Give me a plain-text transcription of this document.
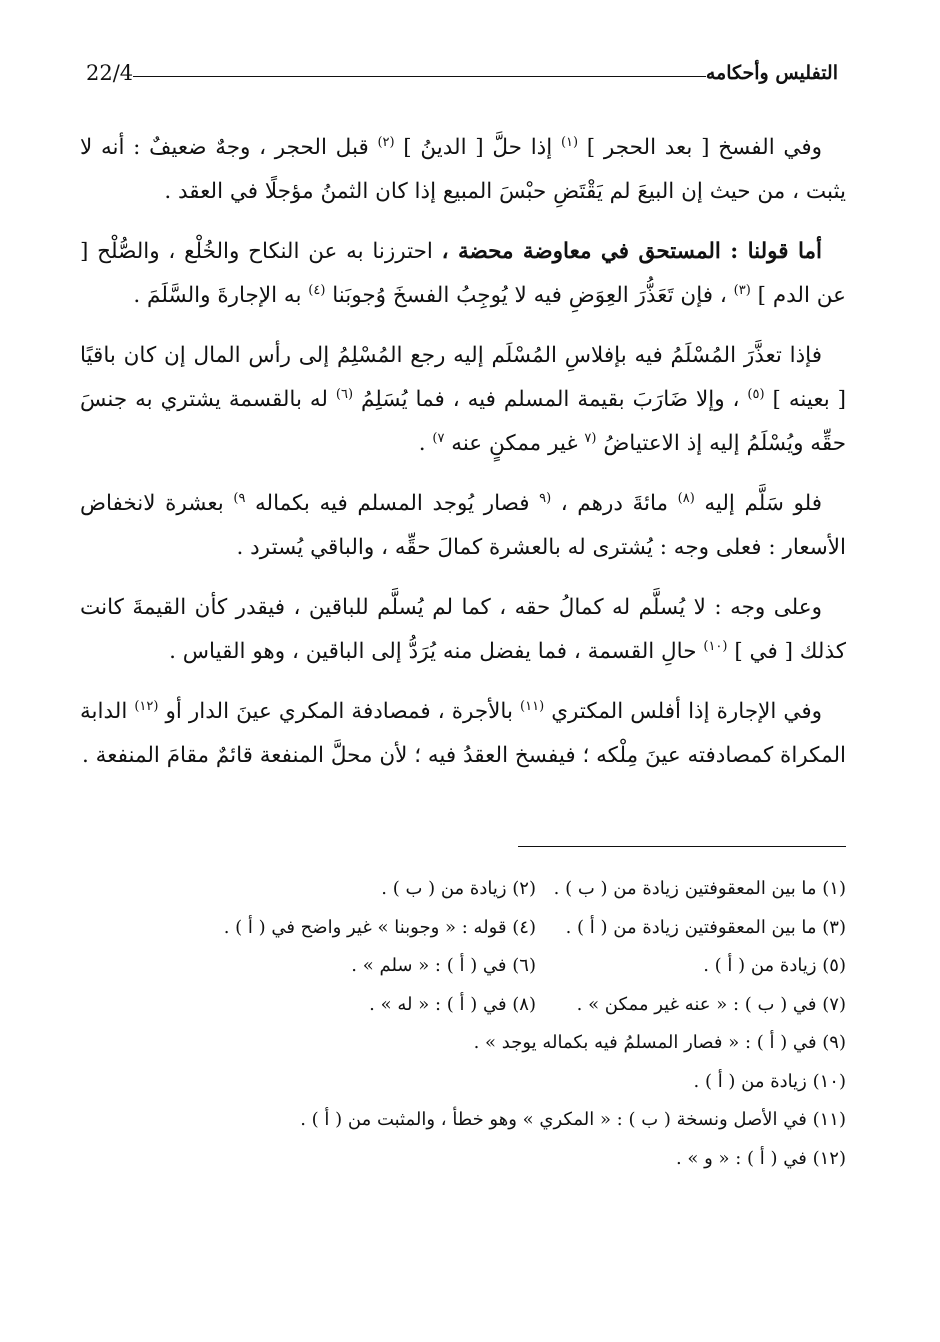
التفليس وأحكامه
22/4

وفي الفسخ [ بعد الحجر ] $^{(١)}$ إذا حلَّ [ الدينُ ] $^{(٢)}$ قبل الحجر ، وجهٌ ضعيفٌ : أنه لا يثبت ، من حيث إن البيعَ لم يَقْتَضِ حبْسَ المبيع إذا كان الثمنُ مؤجلًا في العقد .

أما قولنا : المستحق في معاوضة محضة ، احترزنا به عن النكاح والخُلْع ، والصُّلْح [ عن الدم ] $^{(٣)}$ ، فإن تَعَذُّرَ العِوَضِ فيه لا يُوجِبُ الفسخَ وُجوبَنا $^{(٤)}$ به الإجارةَ والسَّلَمَ .

فإذا تعذَّرَ المُسْلَمُ فيه بإفلاسِ المُسْلَم إليه رجع المُسْلِمُ إلى رأس المال إن كان باقيًا [ بعينه ] $^{(٥)}$ ، وإلا ضَارَبَ بقيمة المسلم فيه ، فما يُسَلِمُ $^{(٦)}$ له بالقسمة يشتري به جنسَ حقِّه ويُسْلَمُ إليه إذ الاعتياضُ $^{(٧}$ غير ممكنٍ عنه $^{٧)}$ .

فلو سَلَّم إليه $^{(٨)}$ مائةَ درهم ، $^{(٩}$ فصار يُوجد المسلم فيه بكماله $^{٩)}$ بعشرة لانخفاض الأسعار : فعلى وجه : يُشترى له بالعشرة كمالَ حقِّه ، والباقي يُسترد .

وعلى وجه : لا يُسلَّم له كمالُ حقه ، كما لم يُسلَّم للباقين ، فيقدر كأن القيمةَ كانت كذلك [ في ] $^{(١٠)}$ حالِ القسمة ، فما يفضل منه يُرَدُّ إلى الباقين ، وهو القياس .

وفي الإجارة إذا أفلس المكتري $^{(١١)}$ بالأجرة ، فمصادفة المكري عينَ الدار أو $^{(١٢)}$ الدابة المكراة كمصادفته عينَ مِلْكه ؛ فيفسخ العقدُ فيه ؛ لأن محلَّ المنفعة قائمٌ مقامَ المنفعة .

(١) ما بين المعقوفتين زيادة من ( ب ) .
(٢) زيادة من ( ب ) .
(٣) ما بين المعقوفتين زيادة من ( أ ) .
(٤) قوله : « وجوبنا » غير واضح في ( أ ) .
(٥) زيادة من ( أ ) .
(٦) في ( أ ) : « سلم » .
(٧) في ( ب ) : « عنه غير ممكن » .
(٨) في ( أ ) : « له » .
(٩) في ( أ ) : « فصار المسلمُ فيه بكماله يوجد » .
(١٠) زيادة من ( أ ) .
(١١) في الأصل ونسخة ( ب ) : « المكري » وهو خطأ ، والمثبت من ( أ ) .
(١٢) في ( أ ) : « و » .
